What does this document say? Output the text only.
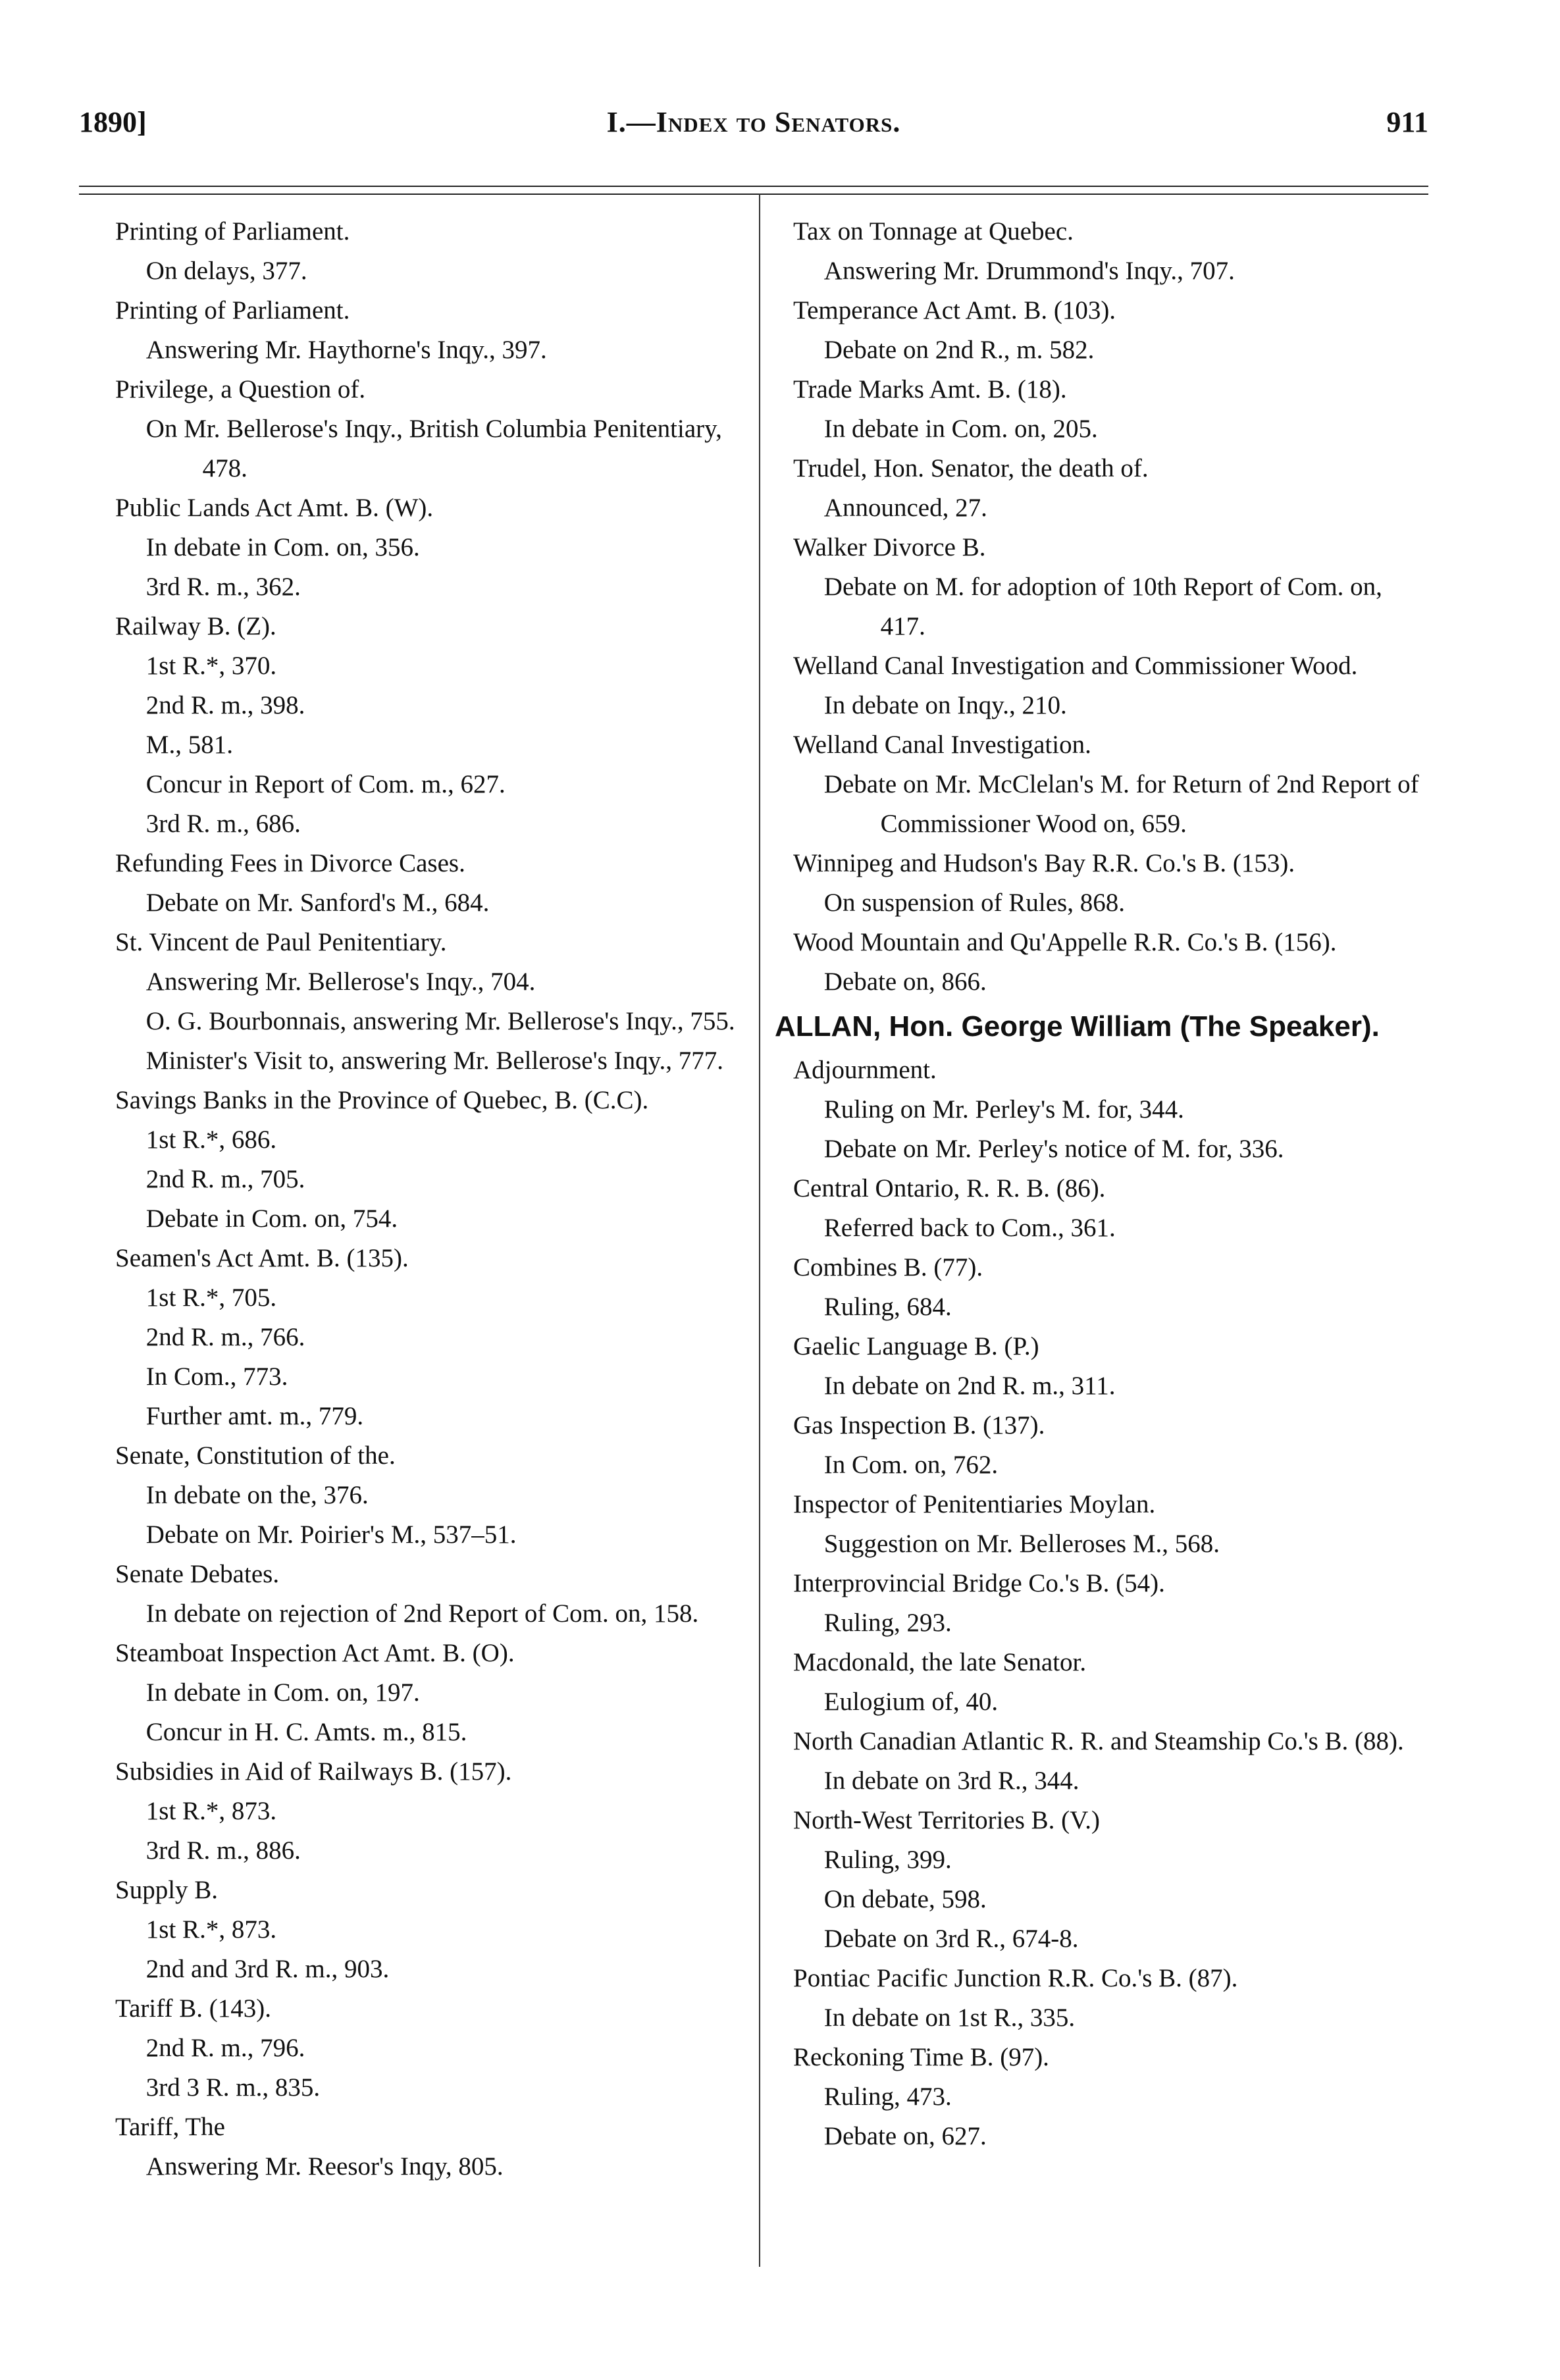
1890]	I.—Index to Senators.	911

Printing of Parliament.

On delays, 377.

Printing of Parliament.

Answering Mr. Haythorne's Inqy., 397.

Privilege, a Question of.

On Mr. Bellerose's Inqy., British Columbia Penitentiary, 478.

Public Lands Act Amt. B. (W).

In debate in Com. on, 356.

3rd R. m., 362.

Railway B. (Z).

1st R.*, 370.

2nd R. m., 398.

M., 581.

Concur in Report of Com. m., 627.

3rd R. m., 686.

Refunding Fees in Divorce Cases.

Debate on Mr. Sanford's M., 684.

St. Vincent de Paul Penitentiary.

Answering Mr. Bellerose's Inqy., 704.

O. G. Bourbonnais, answering Mr. Bellerose's Inqy., 755.

Minister's Visit to, answering Mr. Bellerose's Inqy., 777.

Savings Banks in the Province of Quebec, B. (C.C).

1st R.*, 686.

2nd R. m., 705.

Debate in Com. on, 754.

Seamen's Act Amt. B. (135).

1st R.*, 705.

2nd R. m., 766.

In Com., 773.

Further amt. m., 779.

Senate, Constitution of the.

In debate on the, 376.

Debate on Mr. Poirier's M., 537–51.

Senate Debates.

In debate on rejection of 2nd Report of Com. on, 158.

Steamboat Inspection Act Amt. B. (O).

In debate in Com. on, 197.

Concur in H. C. Amts. m., 815.

Subsidies in Aid of Railways B. (157).

1st R.*, 873.

3rd R. m., 886.

Supply B.

1st R.*, 873.

2nd and 3rd R. m., 903.

Tariff B. (143).

2nd R. m., 796.

3rd 3 R. m., 835.

Tariff, The

Answering Mr. Reesor's Inqy, 805.

Tax on Tonnage at Quebec.

Answering Mr. Drummond's Inqy., 707.

Temperance Act Amt. B. (103).

Debate on 2nd R., m. 582.

Trade Marks Amt. B. (18).

In debate in Com. on, 205.

Trudel, Hon. Senator, the death of.

Announced, 27.

Walker Divorce B.

Debate on M. for adoption of 10th Report of Com. on, 417.

Welland Canal Investigation and Commissioner Wood.

In debate on Inqy., 210.

Welland Canal Investigation.

Debate on Mr. McClelan's M. for Return of 2nd Report of Commissioner Wood on, 659.

Winnipeg and Hudson's Bay R.R. Co.'s B. (153).

On suspension of Rules, 868.

Wood Mountain and Qu'Appelle R.R. Co.'s B. (156).

Debate on, 866.

ALLAN, Hon. George William (The Speaker).

Adjournment.

Ruling on Mr. Perley's M. for, 344.

Debate on Mr. Perley's notice of M. for, 336.

Central Ontario, R. R. B. (86).

Referred back to Com., 361.

Combines B. (77).

Ruling, 684.

Gaelic Language B. (P.)

In debate on 2nd R. m., 311.

Gas Inspection B. (137).

In Com. on, 762.

Inspector of Penitentiaries Moylan.

Suggestion on Mr. Belleroses M., 568.

Interprovincial Bridge Co.'s B. (54).

Ruling, 293.

Macdonald, the late Senator.

Eulogium of, 40.

North Canadian Atlantic R. R. and Steamship Co.'s B. (88).

In debate on 3rd R., 344.

North-West Territories B. (V.)

Ruling, 399.

On debate, 598.

Debate on 3rd R., 674-8.

Pontiac Pacific Junction R.R. Co.'s B. (87).

In debate on 1st R., 335.

Reckoning Time B. (97).

Ruling, 473.

Debate on, 627.
